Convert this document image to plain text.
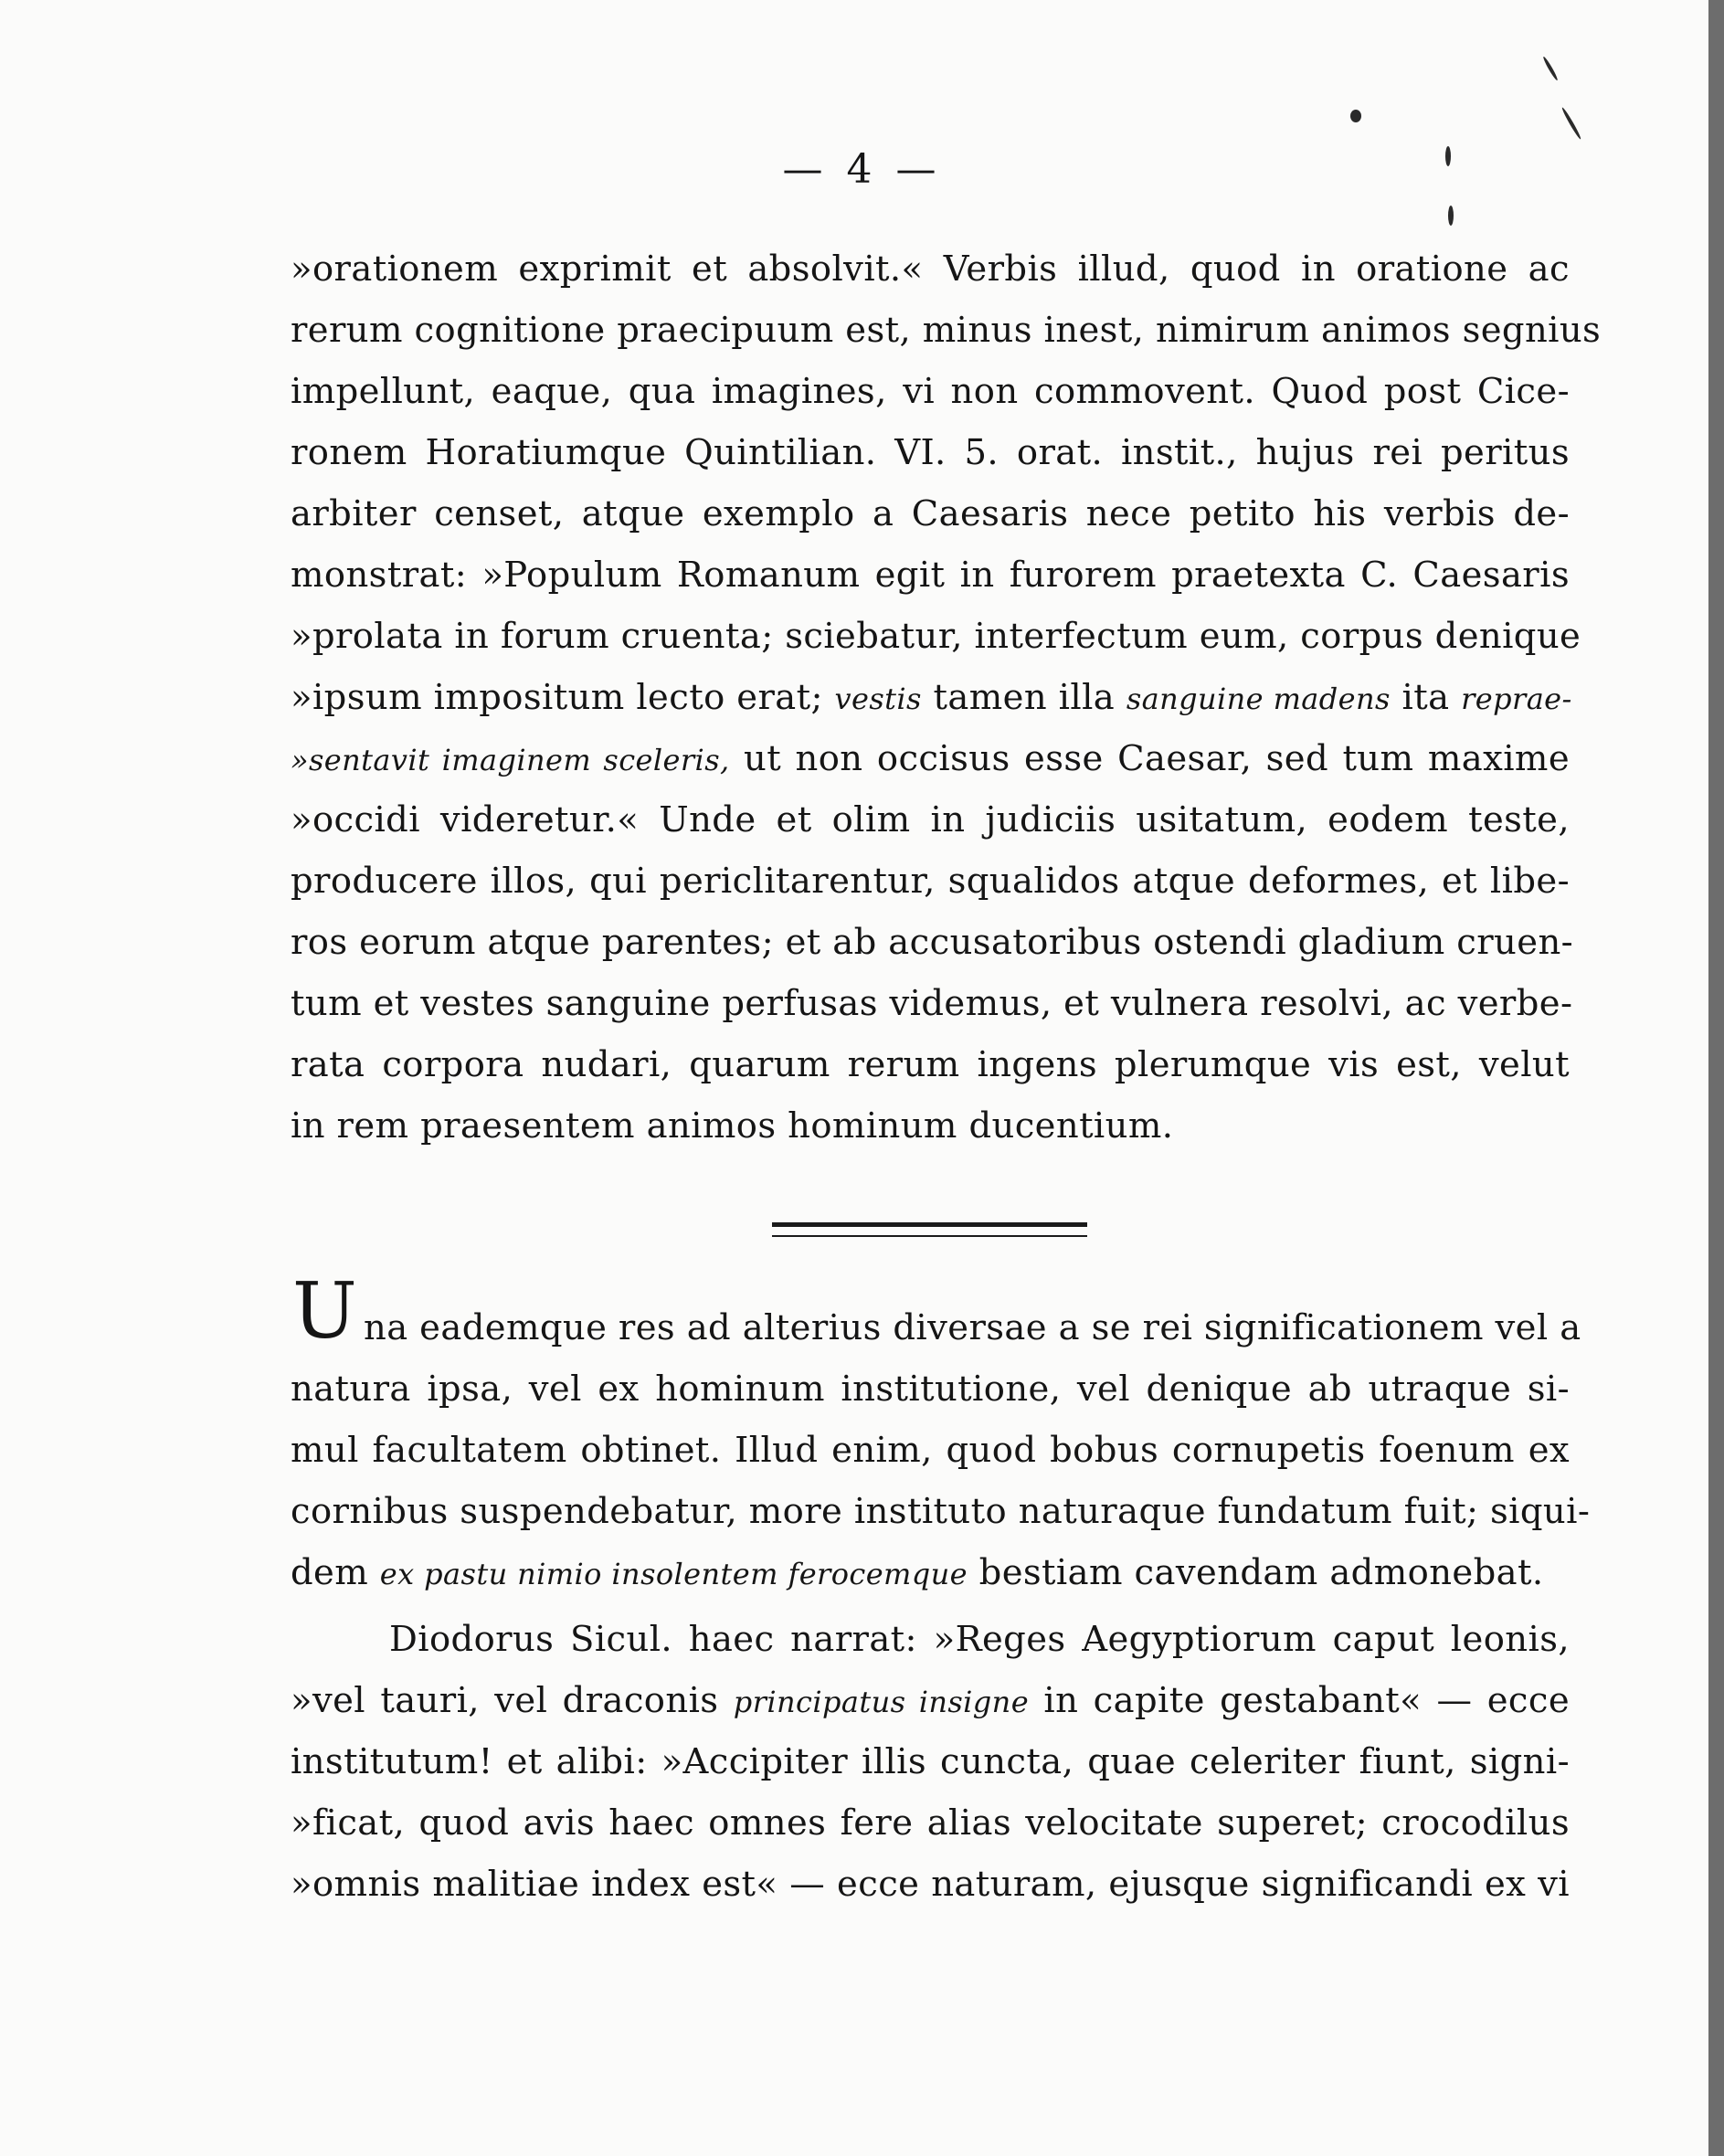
— 4 —
»orationem exprimit et absolvit.« Verbis illud, quod in oratione ac
rerum cognitione praecipuum est, minus inest, nimirum animos segnius
impellunt, eaque, qua imagines, vi non commovent. Quod post Cice-
ronem Horatiumque Quintilian. VI. 5. orat. instit., hujus rei peritus
arbiter censet, atque exemplo a Caesaris nece petito his verbis de-
monstrat: »Populum Romanum egit in furorem praetexta C. Caesaris
»prolata in forum cruenta; sciebatur, interfectum eum, corpus denique
»ipsum impositum lecto erat; vestis tamen illa sanguine madens ita reprae-
»sentavit imaginem sceleris, ut non occisus esse Caesar, sed tum maxime
»occidi videretur.« Unde et olim in judiciis usitatum, eodem teste,
producere illos, qui periclitarentur, squalidos atque deformes, et libe-
ros eorum atque parentes; et ab accusatoribus ostendi gladium cruen-
tum et vestes sanguine perfusas videmus, et vulnera resolvi, ac verbe-
rata corpora nudari, quarum rerum ingens plerumque vis est, velut
in rem praesentem animos hominum ducentium.
U na eademque res ad alterius diversae a se rei significationem vel a
natura ipsa, vel ex hominum institutione, vel denique ab utraque si-
mul facultatem obtinet. Illud enim, quod bobus cornupetis foenum ex
cornibus suspendebatur, more instituto naturaque fundatum fuit; siqui-
dem ex pastu nimio insolentem ferocemque bestiam cavendam admonebat.
Diodorus Sicul. haec narrat: »Reges Aegyptiorum caput leonis,
»vel tauri, vel draconis principatus insigne in capite gestabant« — ecce
institutum! et alibi: »Accipiter illis cuncta, quae celeriter fiunt, signi-
»ficat, quod avis haec omnes fere alias velocitate superet; crocodilus
»omnis malitiae index est« — ecce naturam, ejusque significandi ex vi
